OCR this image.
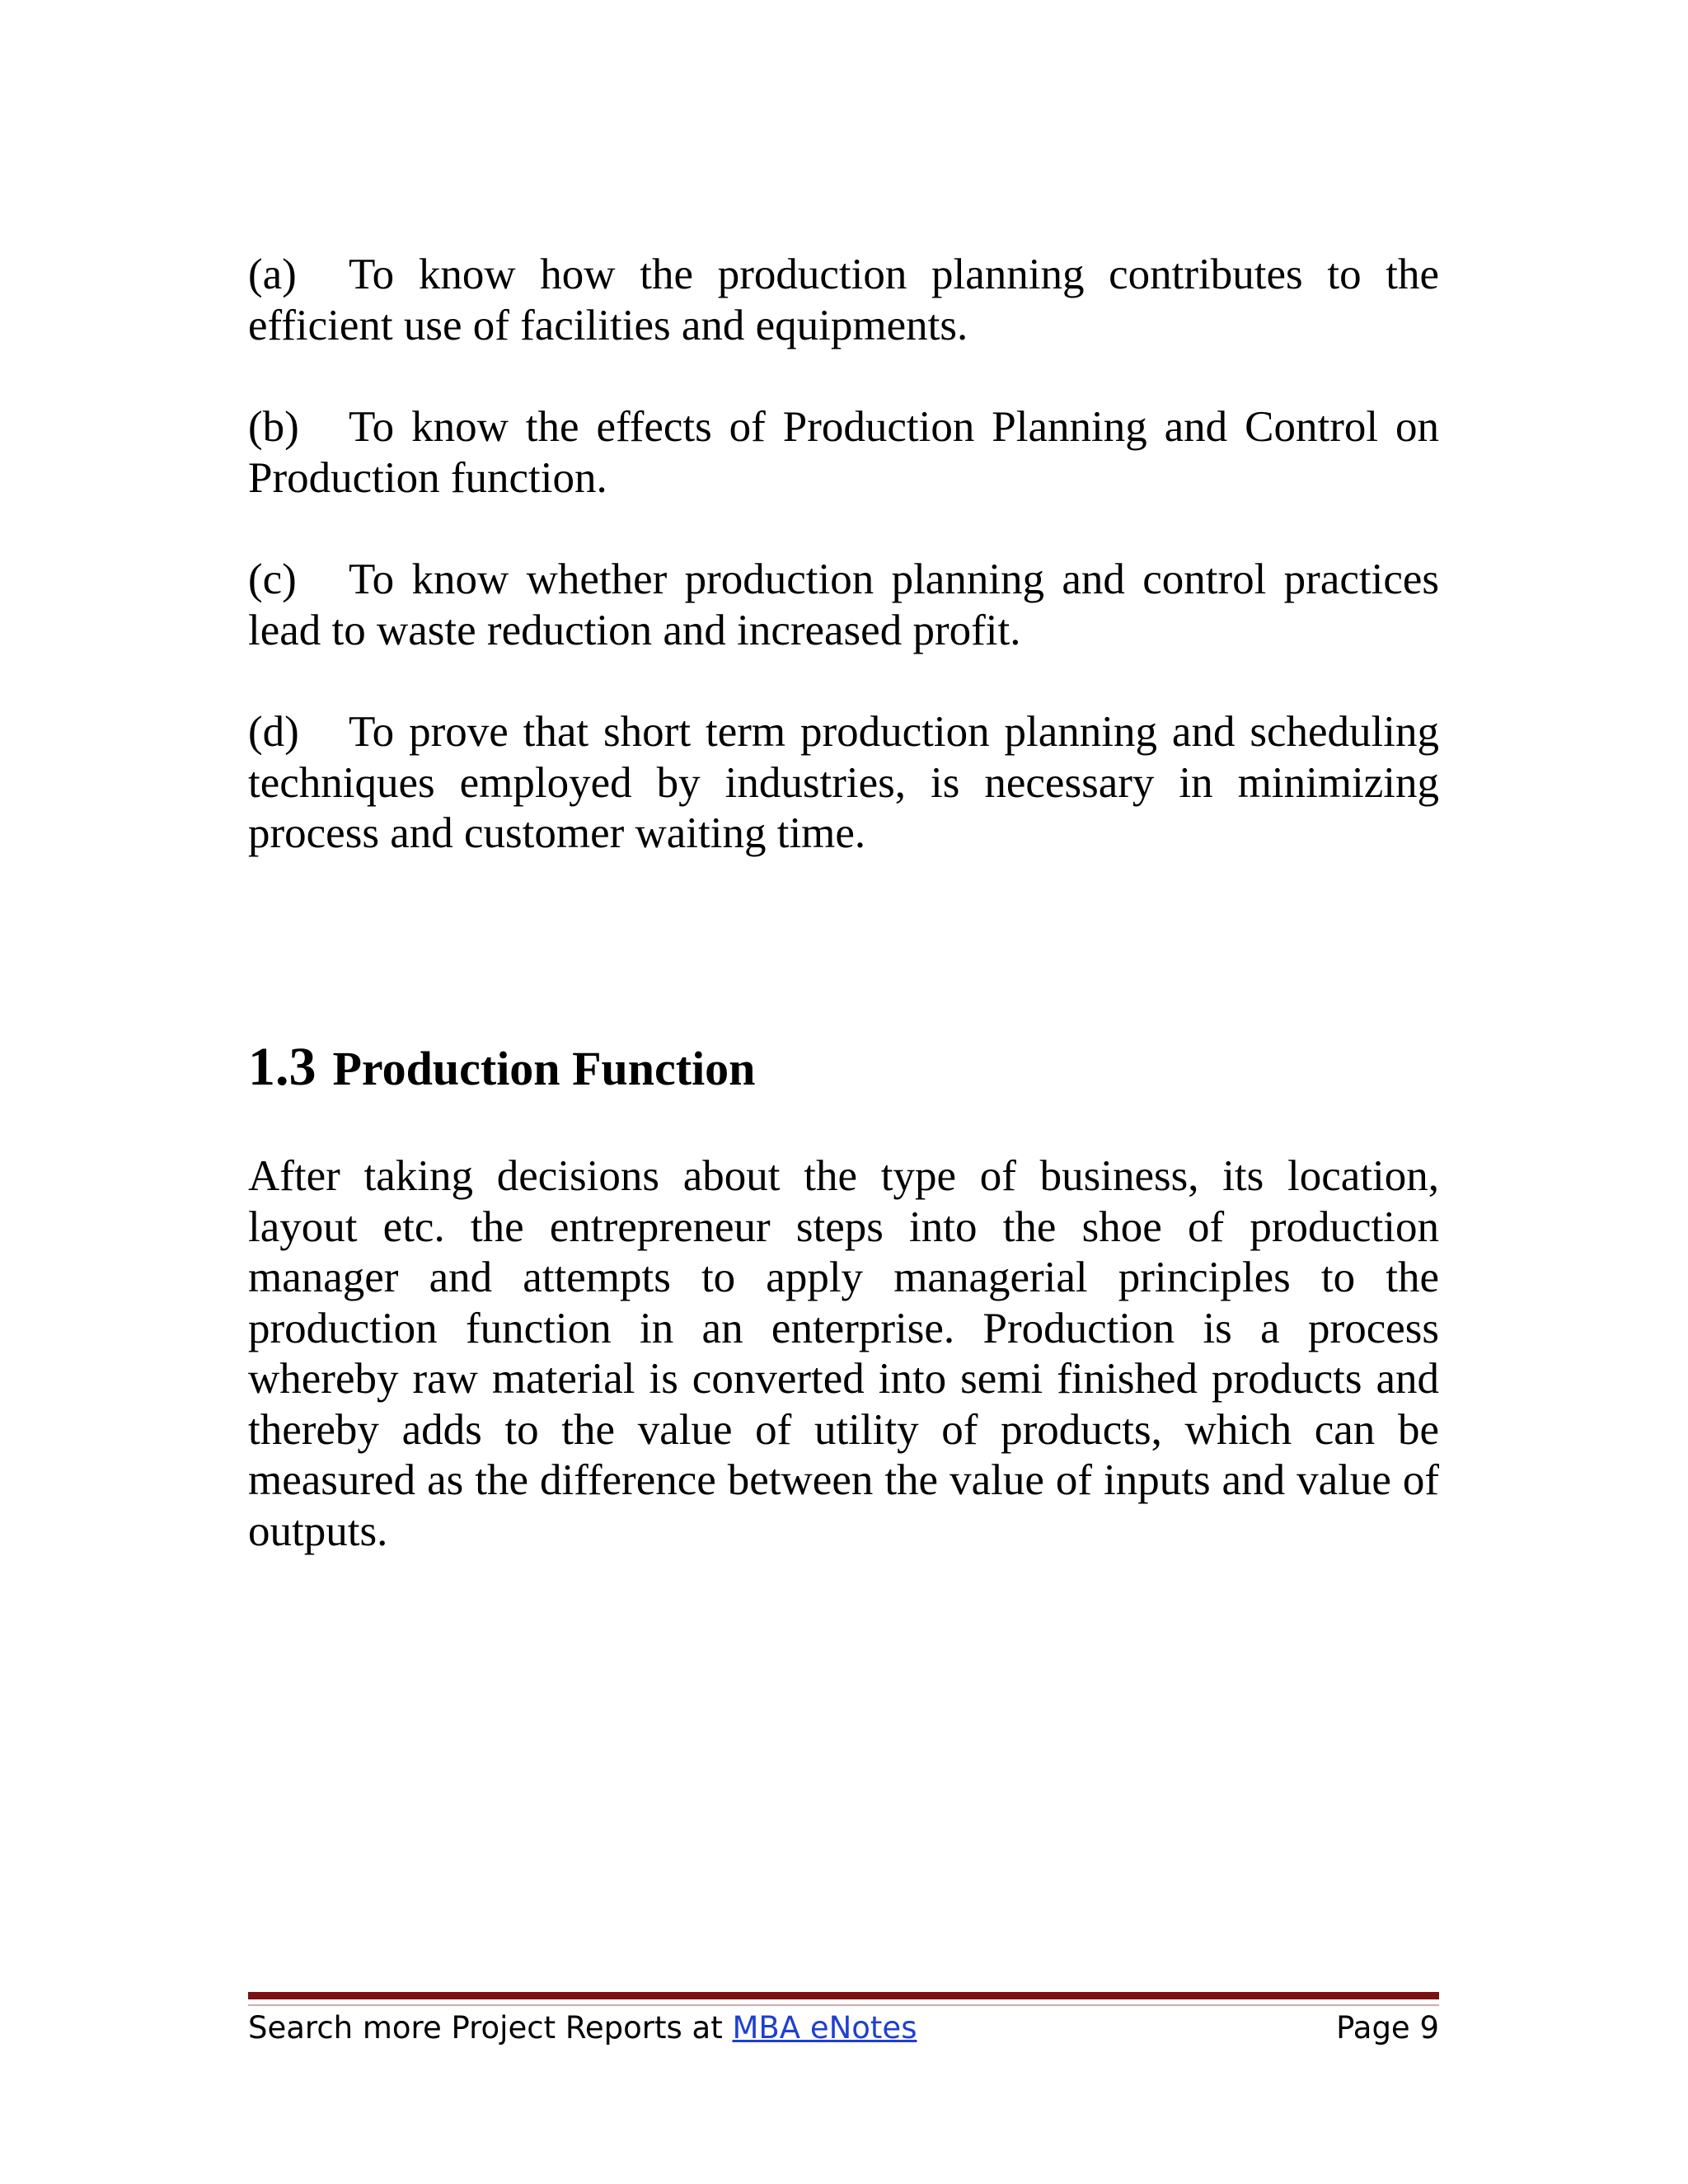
(a) To know how the production planning contributes to the efficient use of facilities and equipments.

(b) To know the effects of Production Planning and Control on Production function.

(c) To know whether production planning and control practices lead to waste reduction and increased profit.

(d) To prove that short term production planning and scheduling techniques employed by industries, is necessary in minimizing process and customer waiting time.

1.3 Production Function

After taking decisions about the type of business, its location, layout etc. the entrepreneur steps into the shoe of production manager and attempts to apply managerial principles to the production function in an enterprise. Production is a process whereby raw material is converted into semi finished products and thereby adds to the value of utility of products, which can be measured as the difference between the value of inputs and value of outputs.

Search more Project Reports at MBA eNotes	Page 9
